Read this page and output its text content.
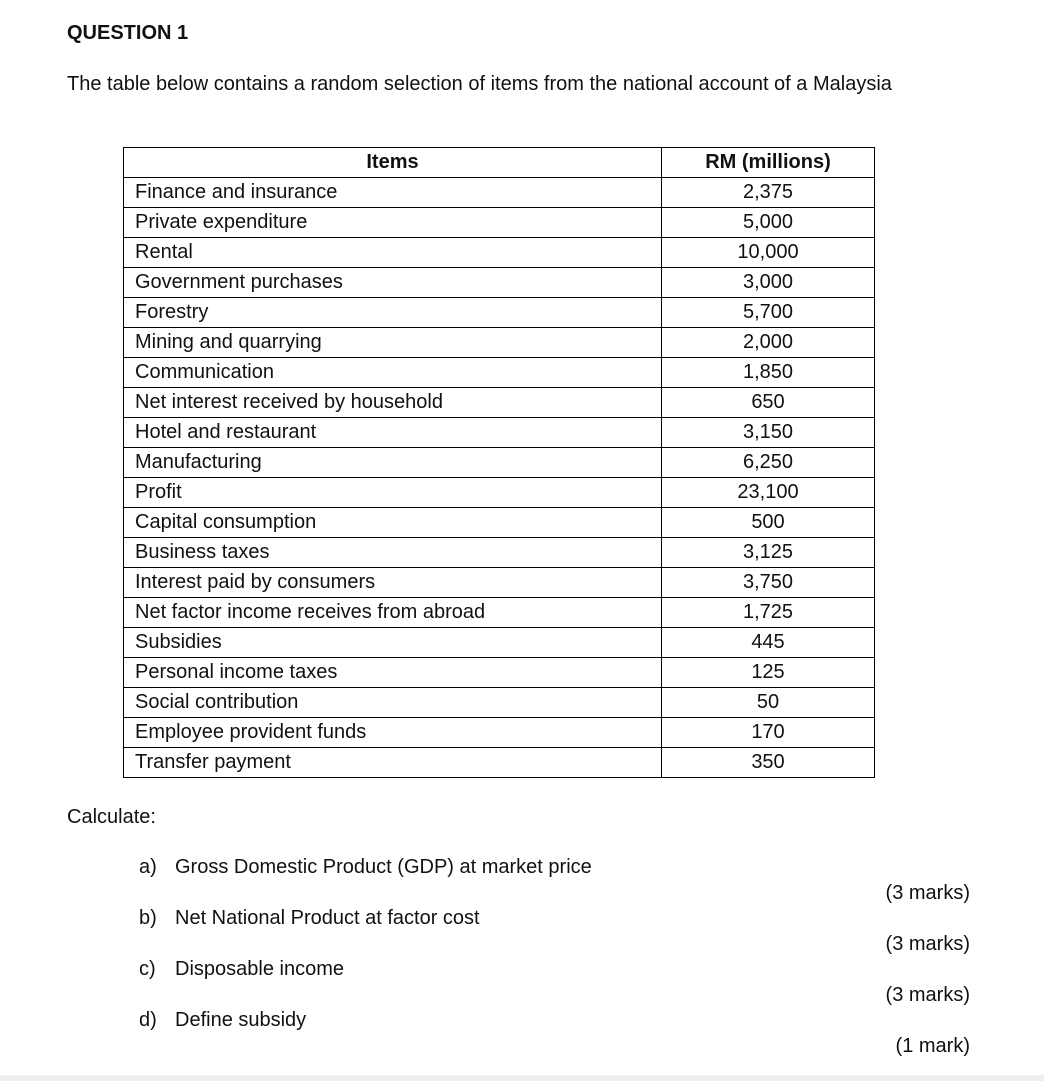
QUESTION 1
The table below contains a random selection of items from the national account of a Malaysia
Items	RM (millions)
Finance and insurance	2,375
Private expenditure	5,000
Rental	10,000
Government purchases	3,000
Forestry	5,700
Mining and quarrying	2,000
Communication	1,850
Net interest received by household	650
Hotel and restaurant	3,150
Manufacturing	6,250
Profit	23,100
Capital consumption	500
Business taxes	3,125
Interest paid by consumers	3,750
Net factor income receives from abroad	1,725
Subsidies	445
Personal income taxes	125
Social contribution	50
Employee provident funds	170
Transfer payment	350
Calculate:
a) Gross Domestic Product (GDP) at market price
(3 marks)
b) Net National Product at factor cost
(3 marks)
c) Disposable income
(3 marks)
d) Define subsidy
(1 mark)
